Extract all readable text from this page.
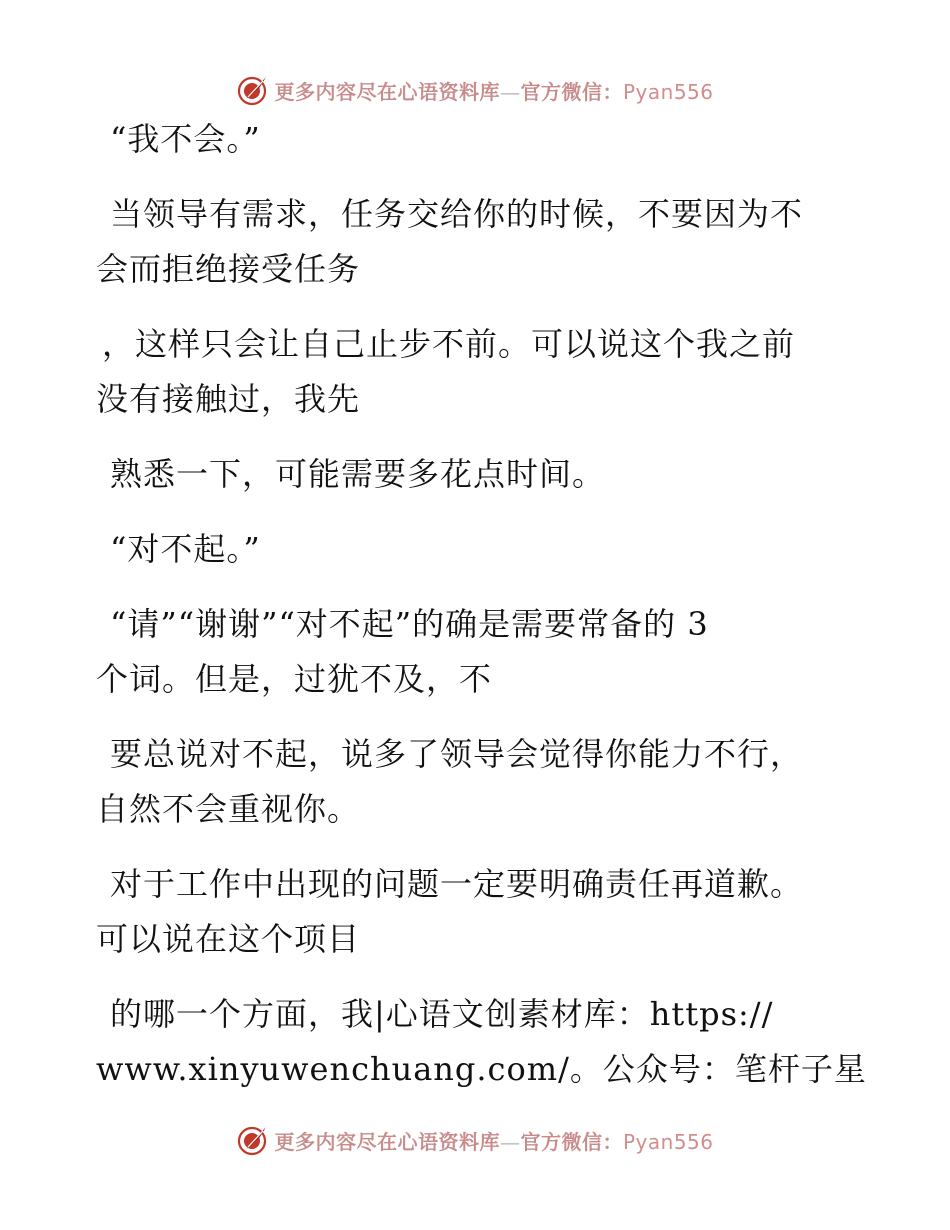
更多内容尽在心语资料库—官方微信：Pyan556

“我不会。”

当领导有需求，任务交给你的时候，不要因为不
会而拒绝接受任务

，这样只会让自己止步不前。可以说这个我之前
没有接触过，我先

熟悉一下，可能需要多花点时间。

“对不起。”

“请”“谢谢”“对不起”的确是需要常备的 3
个词。但是，过犹不及，不

要总说对不起，说多了领导会觉得你能力不行，
自然不会重视你。

对于工作中出现的问题一定要明确责任再道歉。
可以说在这个项目

的哪一个方面，我|心语文创素材库：https://
www.xinyuwenchuang.com/。公众号：笔杆子星

更多内容尽在心语资料库—官方微信：Pyan556
